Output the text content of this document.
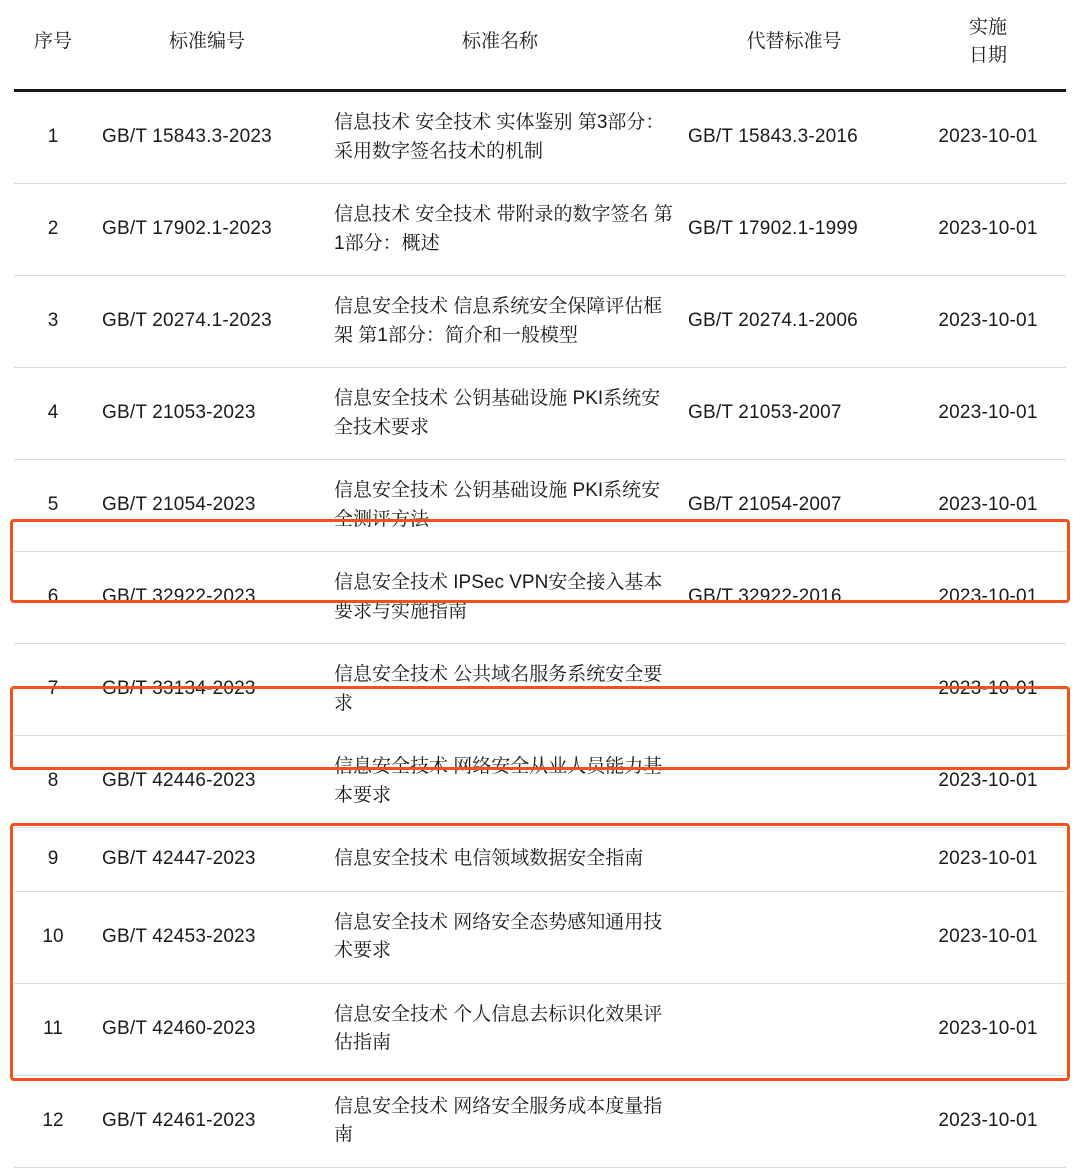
序号	标准编号	标准名称	代替标准号	实施
日期
1	GB/T 15843.3-2023	信息技术 安全技术 实体鉴别 第3部分：采用数字签名技术的机制	GB/T 15843.3-2016	2023-10-01
2	GB/T 17902.1-2023	信息技术 安全技术 带附录的数字签名 第1部分：概述	GB/T 17902.1-1999	2023-10-01
3	GB/T 20274.1-2023	信息安全技术 信息系统安全保障评估框架 第1部分：简介和一般模型	GB/T 20274.1-2006	2023-10-01
4	GB/T 21053-2023	信息安全技术 公钥基础设施 PKI系统安全技术要求	GB/T 21053-2007	2023-10-01
5	GB/T 21054-2023	信息安全技术 公钥基础设施 PKI系统安全测评方法	GB/T 21054-2007	2023-10-01
6	GB/T 32922-2023	信息安全技术 IPSec VPN安全接入基本要求与实施指南	GB/T 32922-2016	2023-10-01
7	GB/T 33134-2023	信息安全技术 公共域名服务系统安全要求		2023-10-01
8	GB/T 42446-2023	信息安全技术 网络安全从业人员能力基本要求		2023-10-01
9	GB/T 42447-2023	信息安全技术 电信领域数据安全指南		2023-10-01
10	GB/T 42453-2023	信息安全技术 网络安全态势感知通用技术要求		2023-10-01
11	GB/T 42460-2023	信息安全技术 个人信息去标识化效果评估指南		2023-10-01
12	GB/T 42461-2023	信息安全技术 网络安全服务成本度量指南		2023-10-01
